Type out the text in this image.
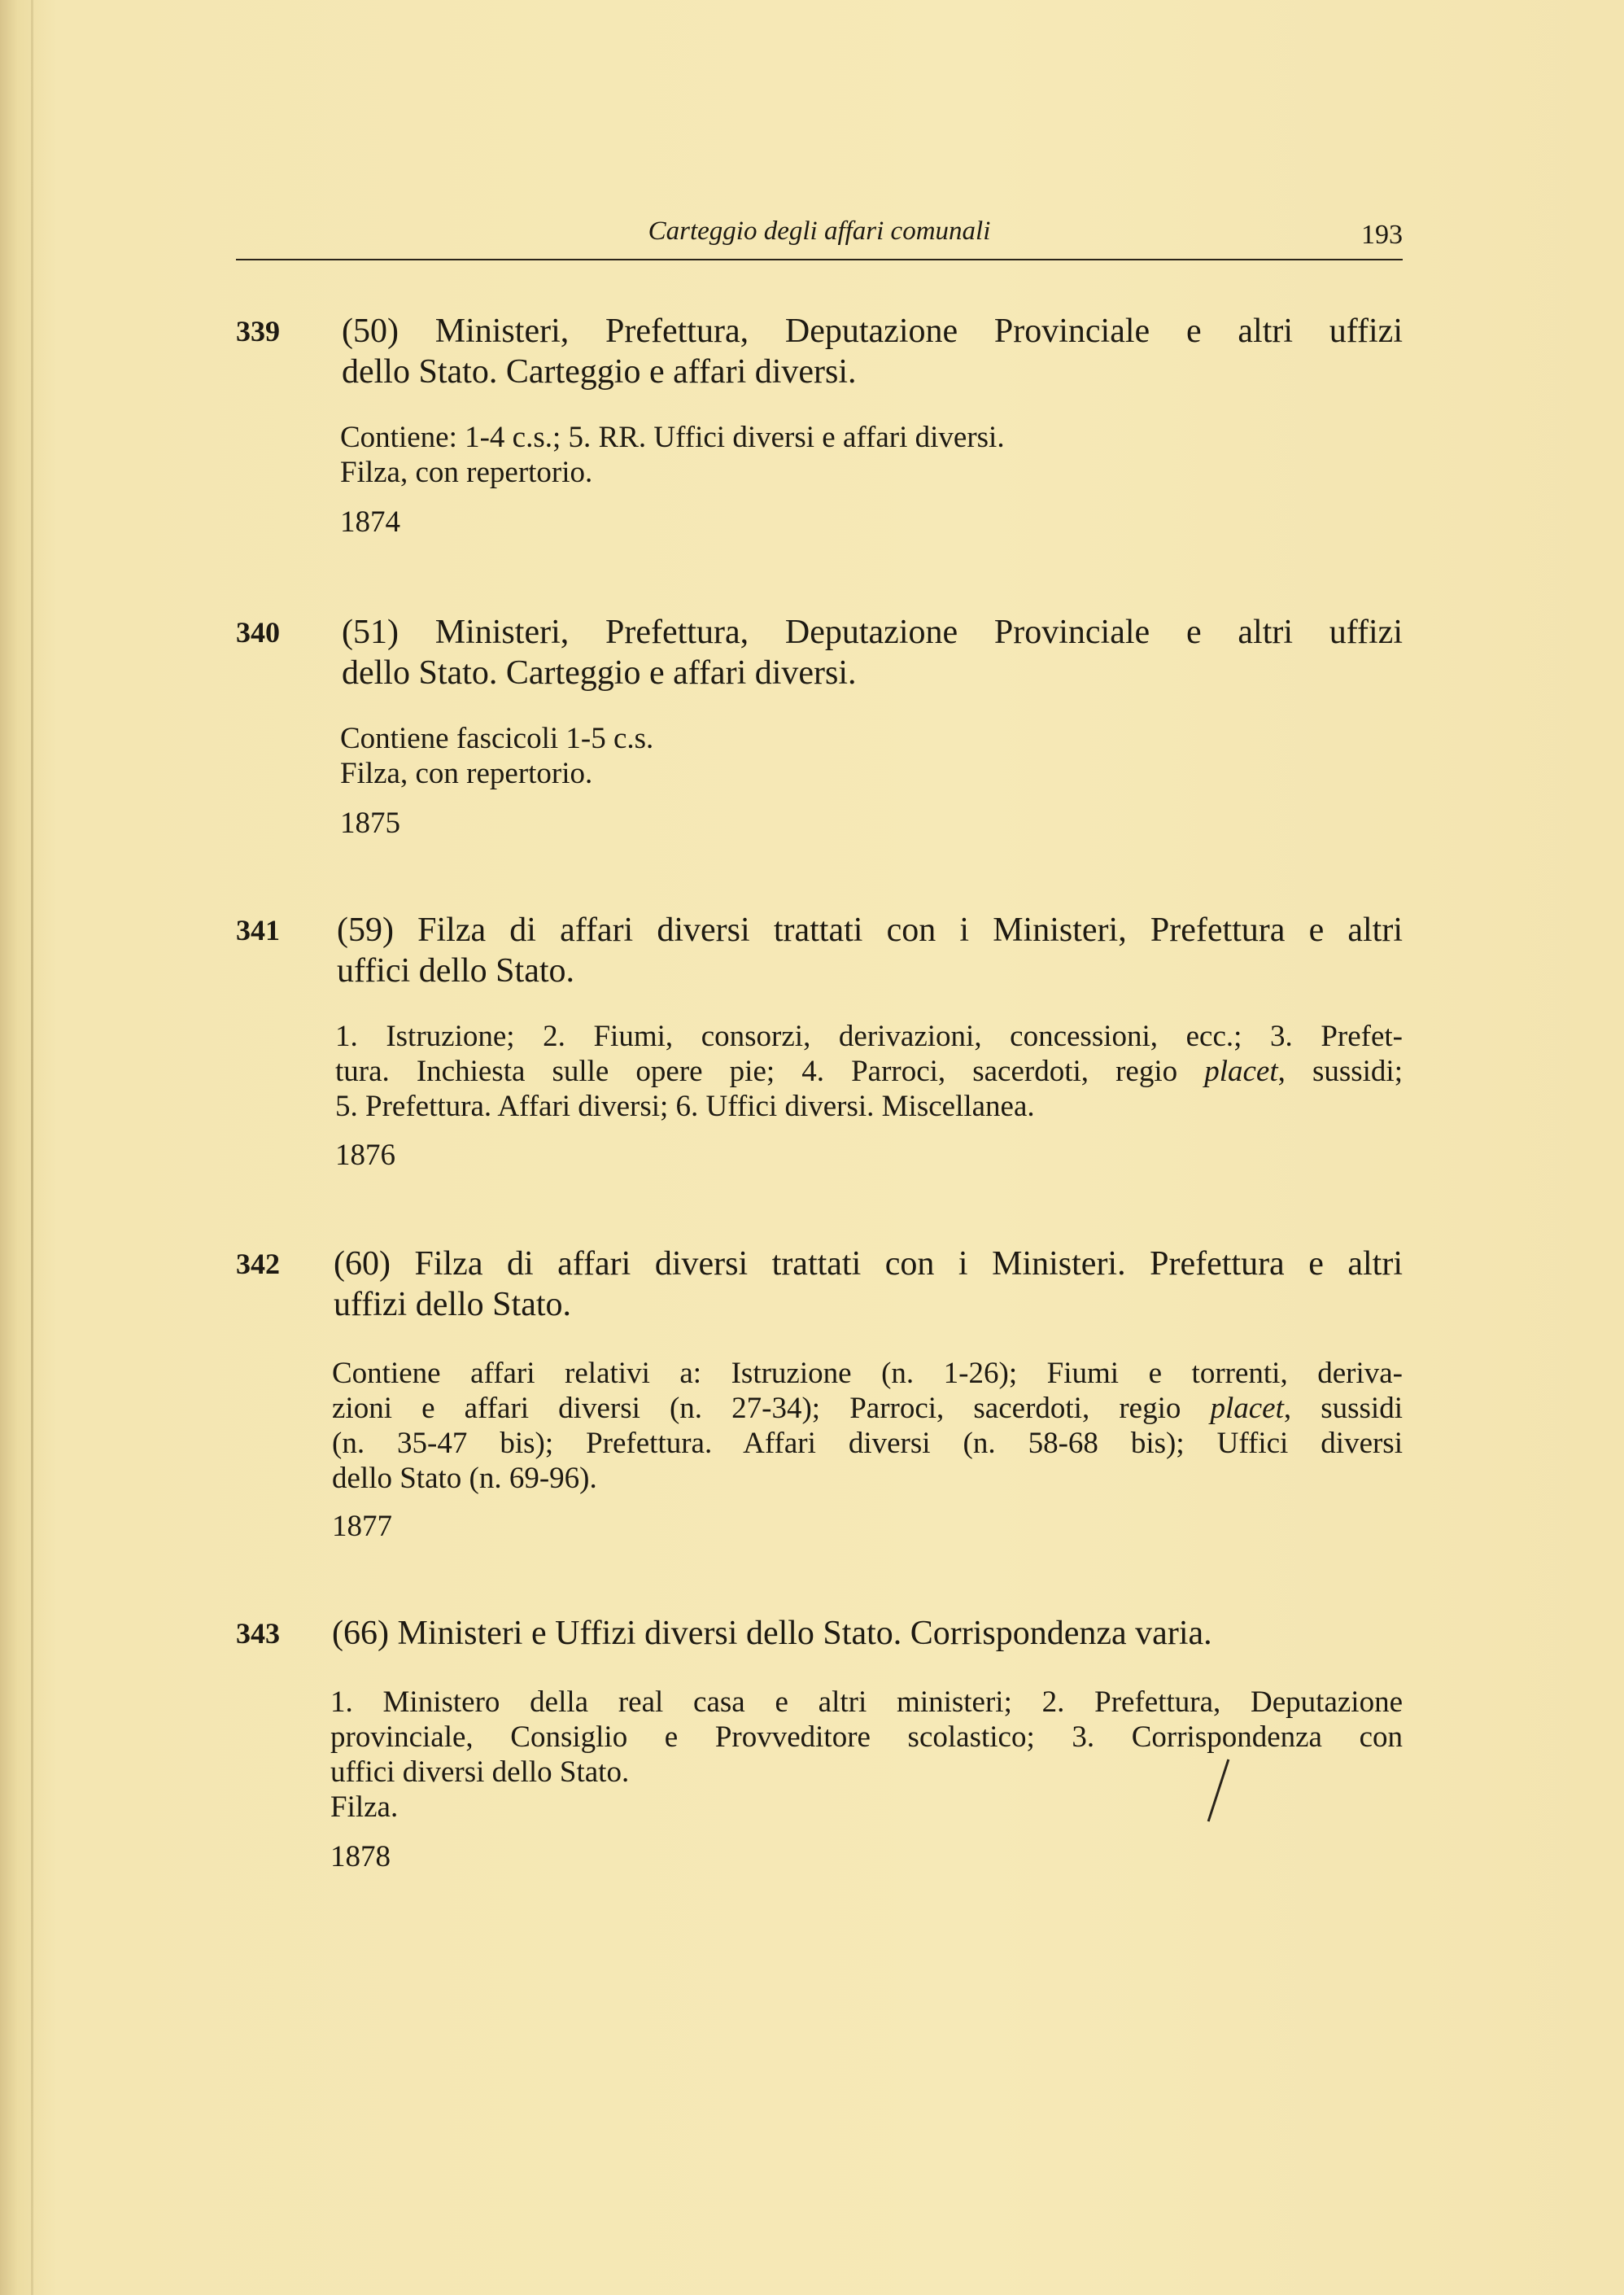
Carteggio degli affari comunali	193
339 (50) Ministeri, Prefettura, Deputazione Provinciale e altri uffizi
dello Stato. Carteggio e affari diversi.
Contiene: 1-4 c.s.; 5. RR. Uffici diversi e affari diversi.
Filza, con repertorio.
1874
340 (51) Ministeri, Prefettura, Deputazione Provinciale e altri uffizi
dello Stato. Carteggio e affari diversi.
Contiene fascicoli 1-5 c.s.
Filza, con repertorio.
1875
341 (59) Filza di affari diversi trattati con i Ministeri, Prefettura e altri
uffici dello Stato.
1. Istruzione; 2. Fiumi, consorzi, derivazioni, concessioni, ecc.; 3. Prefet-
tura. Inchiesta sulle opere pie; 4. Parroci, sacerdoti, regio placet, sussidi;
5. Prefettura. Affari diversi; 6. Uffici diversi. Miscellanea.
1876
342 (60) Filza di affari diversi trattati con i Ministeri. Prefettura e altri
uffizi dello Stato.
Contiene affari relativi a: Istruzione (n. 1-26); Fiumi e torrenti, deriva-
zioni e affari diversi (n. 27-34); Parroci, sacerdoti, regio placet, sussidi
(n. 35-47 bis); Prefettura. Affari diversi (n. 58-68 bis); Uffici diversi
dello Stato (n. 69-96).
1877
343 (66) Ministeri e Uffizi diversi dello Stato. Corrispondenza varia.
1. Ministero della real casa e altri ministeri; 2. Prefettura, Deputazione
provinciale, Consiglio e Provveditore scolastico; 3. Corrispondenza con
uffici diversi dello Stato.
Filza.
1878
